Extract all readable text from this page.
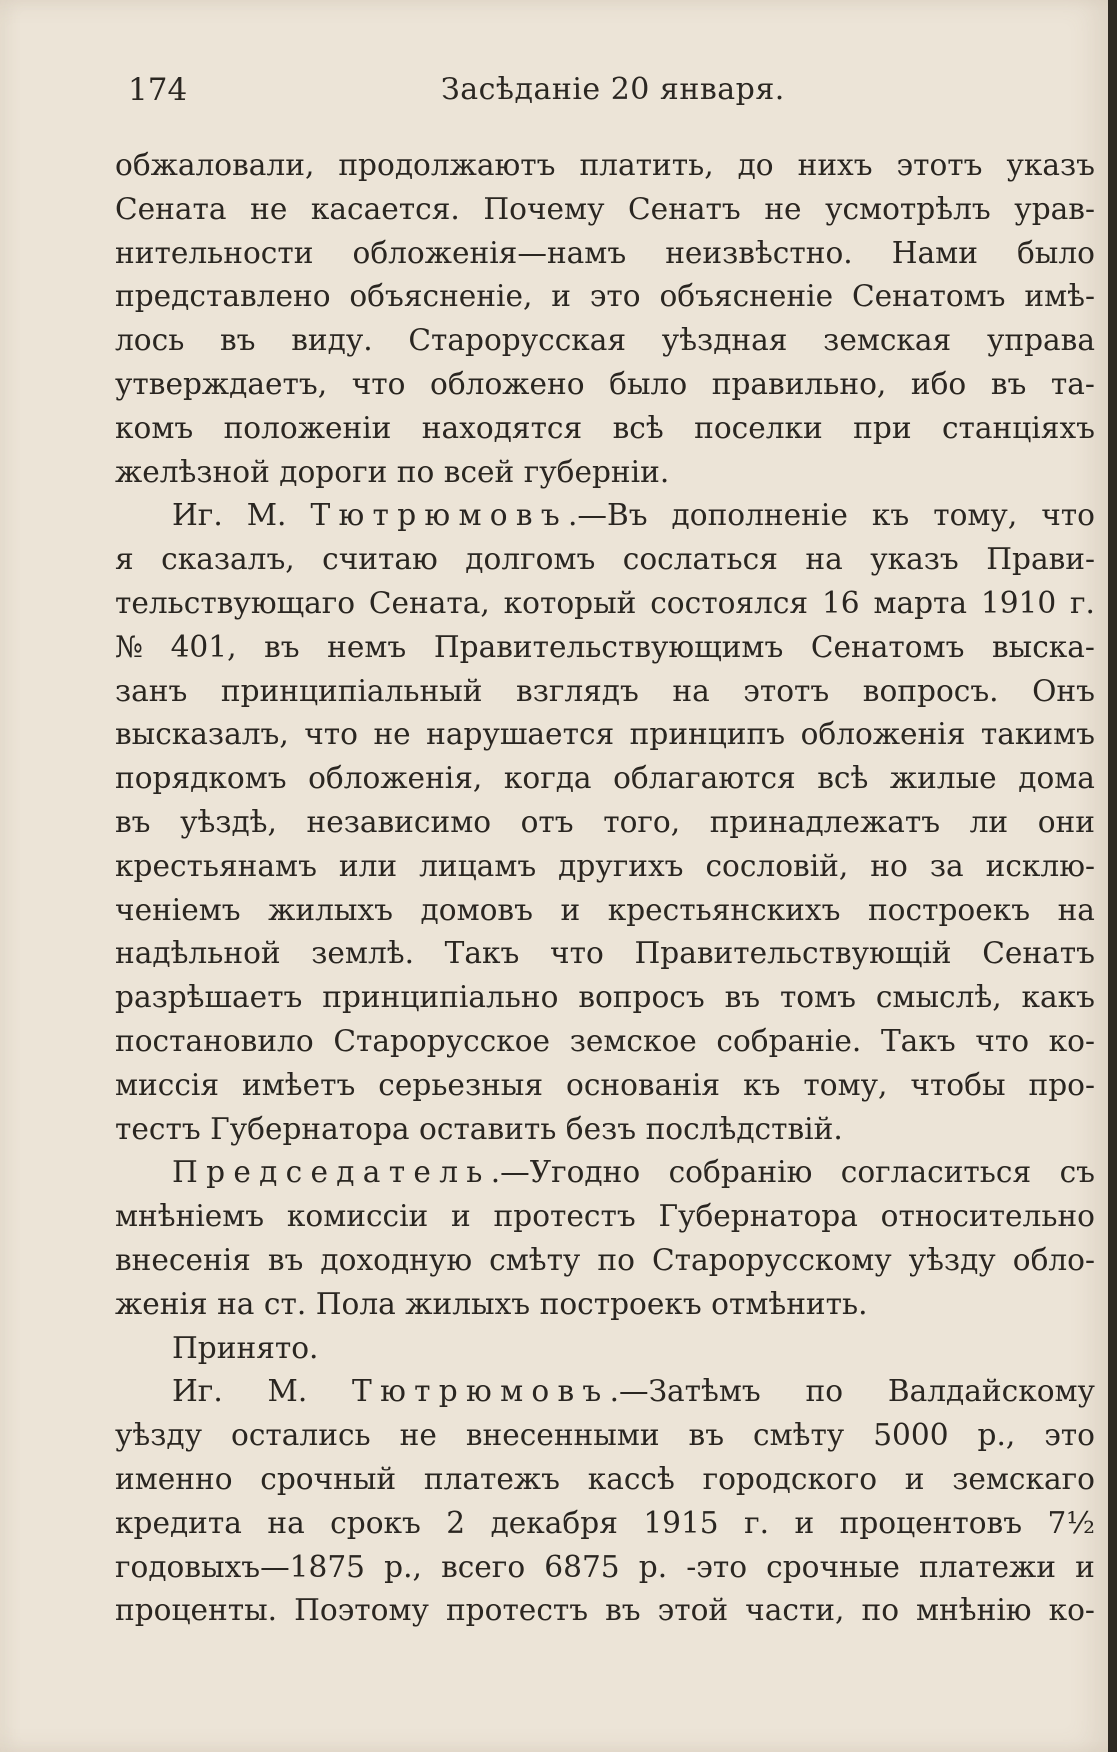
174	Засѣданіе 20 января.
обжаловали, продолжаютъ платить, до нихъ этотъ указъ
Сената не касается. Почему Сенатъ не усмотрѣлъ урав-
нительности обложенія—намъ неизвѣстно. Нами было
представлено объясненіе, и это объясненіе Сенатомъ имѣ-
лось въ виду. Старорусская уѣздная земская управа
утверждаетъ, что обложено было правильно, ибо въ та-
комъ положеніи находятся всѣ поселки при станціяхъ
желѣзной дороги по всей губерніи.
Иг. М. Тютрюмовъ.—Въ дополненіе къ тому, что
я сказалъ, считаю долгомъ сослаться на указъ Прави-
тельствующаго Сената, который состоялся 16 марта 1910 г.
№ 401, въ немъ Правительствующимъ Сенатомъ выска-
занъ принципіальный взглядъ на этотъ вопросъ. Онъ
высказалъ, что не нарушается принципъ обложенія такимъ
порядкомъ обложенія, когда облагаются всѣ жилые дома
въ уѣздѣ, независимо отъ того, принадлежатъ ли они
крестьянамъ или лицамъ другихъ сословій, но за исклю-
ченіемъ жилыхъ домовъ и крестьянскихъ построекъ на
надѣльной землѣ. Такъ что Правительствующій Сенатъ
разрѣшаетъ принципіально вопросъ въ томъ смыслѣ, какъ
постановило Старорусское земское собраніе. Такъ что ко-
миссія имѣетъ серьезныя основанія къ тому, чтобы про-
тестъ Губернатора оставить безъ послѣдствій.
Председатель.—Угодно собранію согласиться съ
мнѣніемъ комиссіи и протестъ Губернатора относительно
внесенія въ доходную смѣту по Старорусскому уѣзду обло-
женія на ст. Пола жилыхъ построекъ отмѣнить.
Принято.
Иг. М. Тютрюмовъ.—Затѣмъ по Валдайскому
уѣзду остались не внесенными въ смѣту 5000 р., это
именно срочный платежъ кассѣ городского и земскаго
кредита на срокъ 2 декабря 1915 г. и процентовъ 7½
годовыхъ—1875 р., всего 6875 р. -это срочные платежи и
проценты. Поэтому протестъ въ этой части, по мнѣнію ко-
